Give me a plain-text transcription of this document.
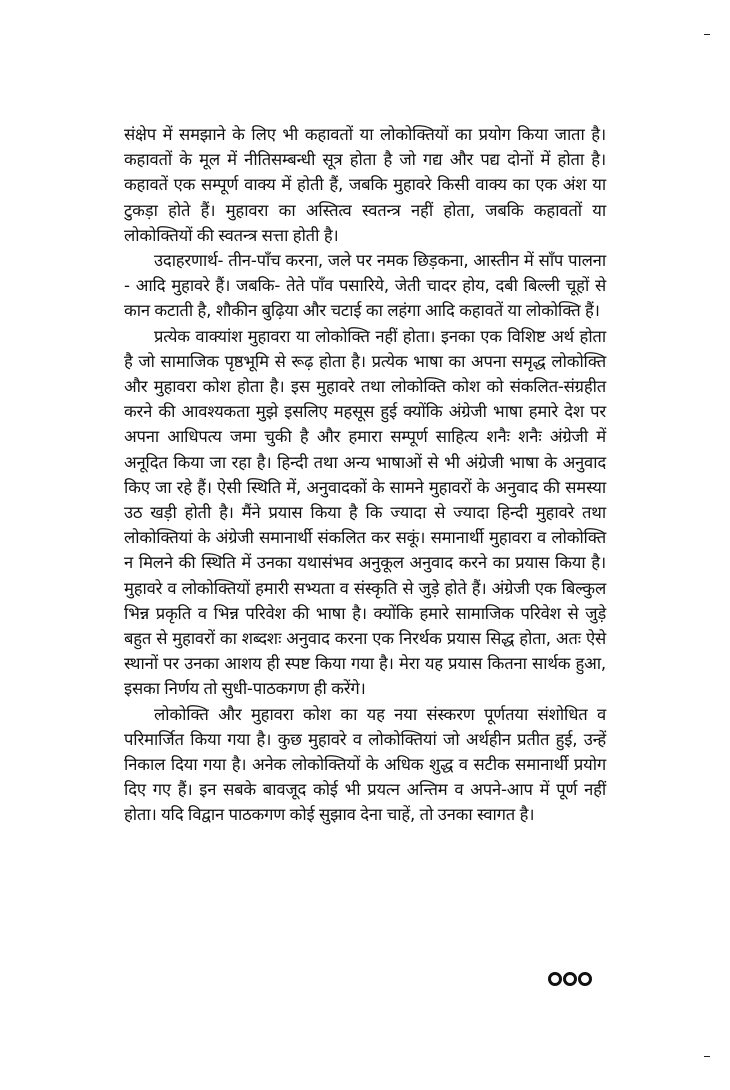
संक्षेप में समझाने के लिए भी कहावतों या लोकोक्तियों का प्रयोग किया जाता है। कहावतों के मूल में नीतिसम्बन्धी सूत्र होता है जो गद्य और पद्य दोनों में होता है। कहावतें एक सम्पूर्ण वाक्य में होती हैं, जबकि मुहावरे किसी वाक्य का एक अंश या टुकड़ा होते हैं। मुहावरा का अस्तित्व स्वतन्त्र नहीं होता, जबकि कहावतों या लोकोक्तियों की स्वतन्त्र सत्ता होती है।

उदाहरणार्थ- तीन-पाँच करना, जले पर नमक छिड़कना, आस्तीन में साँप पालना - आदि मुहावरे हैं। जबकि- तेते पाँव पसारिये, जेती चादर होय, दबी बिल्ली चूहों से कान कटाती है, शौकीन बुढ़िया और चटाई का लहंगा आदि कहावतें या लोकोक्ति हैं।

प्रत्येक वाक्यांश मुहावरा या लोकोक्ति नहीं होता। इनका एक विशिष्ट अर्थ होता है जो सामाजिक पृष्ठभूमि से रूढ़ होता है। प्रत्येक भाषा का अपना समृद्ध लोकोक्ति और मुहावरा कोश होता है। इस मुहावरे तथा लोकोक्ति कोश को संकलित-संग्रहीत करने की आवश्यकता मुझे इसलिए महसूस हुई क्योंकि अंग्रेजी भाषा हमारे देश पर अपना आधिपत्य जमा चुकी है और हमारा सम्पूर्ण साहित्य शनैः शनैः अंग्रेजी में अनूदित किया जा रहा है। हिन्दी तथा अन्य भाषाओं से भी अंग्रेजी भाषा के अनुवाद किए जा रहे हैं। ऐसी स्थिति में, अनुवादकों के सामने मुहावरों के अनुवाद की समस्या उठ खड़ी होती है। मैंने प्रयास किया है कि ज्यादा से ज्यादा हिन्दी मुहावरे तथा लोकोक्तियां के अंग्रेजी समानार्थी संकलित कर सकूं। समानार्थी मुहावरा व लोकोक्ति न मिलने की स्थिति में उनका यथासंभव अनुकूल अनुवाद करने का प्रयास किया है। मुहावरे व लोकोक्तियों हमारी सभ्यता व संस्कृति से जुड़े होते हैं। अंग्रेजी एक बिल्कुल भिन्न प्रकृति व भिन्न परिवेश की भाषा है। क्योंकि हमारे सामाजिक परिवेश से जुड़े बहुत से मुहावरों का शब्दशः अनुवाद करना एक निरर्थक प्रयास सिद्ध होता, अतः ऐसे स्थानों पर उनका आशय ही स्पष्ट किया गया है। मेरा यह प्रयास कितना सार्थक हुआ, इसका निर्णय तो सुधी-पाठकगण ही करेंगे।

लोकोक्ति और मुहावरा कोश का यह नया संस्करण पूर्णतया संशोधित व परिमार्जित किया गया है। कुछ मुहावरे व लोकोक्तियां जो अर्थहीन प्रतीत हुई, उन्हें निकाल दिया गया है। अनेक लोकोक्तियों के अधिक शुद्ध व सटीक समानार्थी प्रयोग दिए गए हैं। इन सबके बावजूद कोई भी प्रयत्न अन्तिम व अपने-आप में पूर्ण नहीं होता। यदि विद्वान पाठकगण कोई सुझाव देना चाहें, तो उनका स्वागत है।
